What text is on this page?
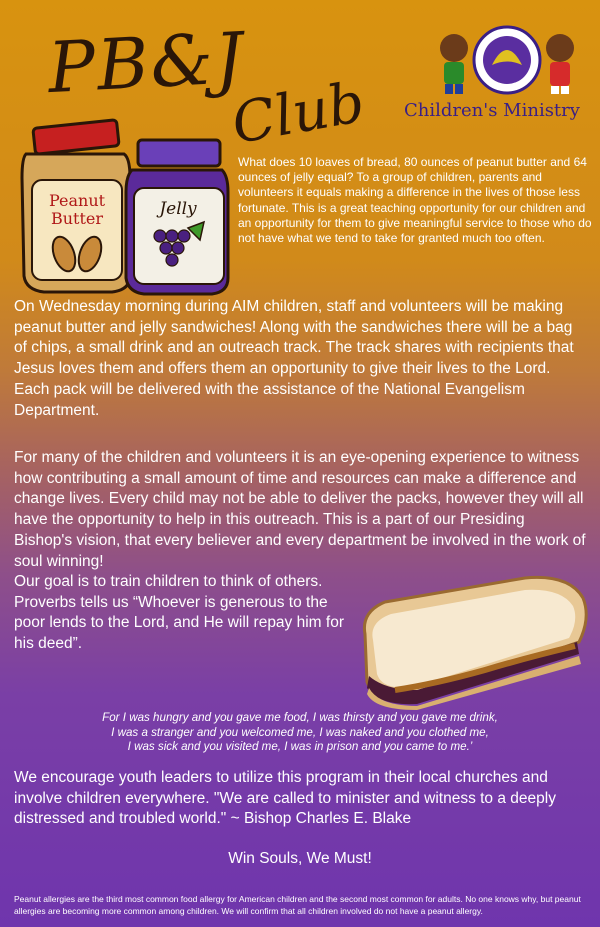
PB&J
Club Children's Ministry
Peanut
Butter	Jelly

What does 10 loaves of bread, 80 ounces of peanut butter and 64 ounces of jelly equal? To a group of children, parents and volunteers it equals making a difference in the lives of those less fortunate. This is a great teaching opportunity for our children and an opportunity for them to give meaningful service to those who do not have what we tend to take for granted much too often.

On Wednesday morning during AIM children, staff and volunteers will be making peanut butter and jelly sandwiches! Along with the sandwiches there will be a bag of chips, a small drink and an outreach track. The track shares with recipients that Jesus loves them and offers them an opportunity to give their lives to the Lord. Each pack will be delivered with the assistance of the National Evangelism Department.

For many of the children and volunteers it is an eye-opening experience to witness how contributing a small amount of time and resources can make a difference and change lives. Every child may not be able to deliver the packs, however they will all have the opportunity to help in this outreach. This is a part of our Presiding Bishop's vision, that every believer and every department be involved in the work of soul winning!

Our goal is to train children to think of others. Proverbs tells us “Whoever is generous to the poor lends to the Lord, and He will repay him for his deed”.

For I was hungry and you gave me food, I was thirsty and you gave me drink,
I was a stranger and you welcomed me, I was naked and you clothed me,
I was sick and you visited me, I was in prison and you came to me.’

We encourage youth leaders to utilize this program in their local churches and involve children everywhere. "We are called to minister and witness to a deeply distressed and troubled world." ~ Bishop Charles E. Blake

Win Souls, We Must!

Peanut allergies are the third most common food allergy for American children and the second most common for adults. No one knows why, but peanut allergies are becoming more common among children. We will confirm that all children involved do not have a peanut allergy.
